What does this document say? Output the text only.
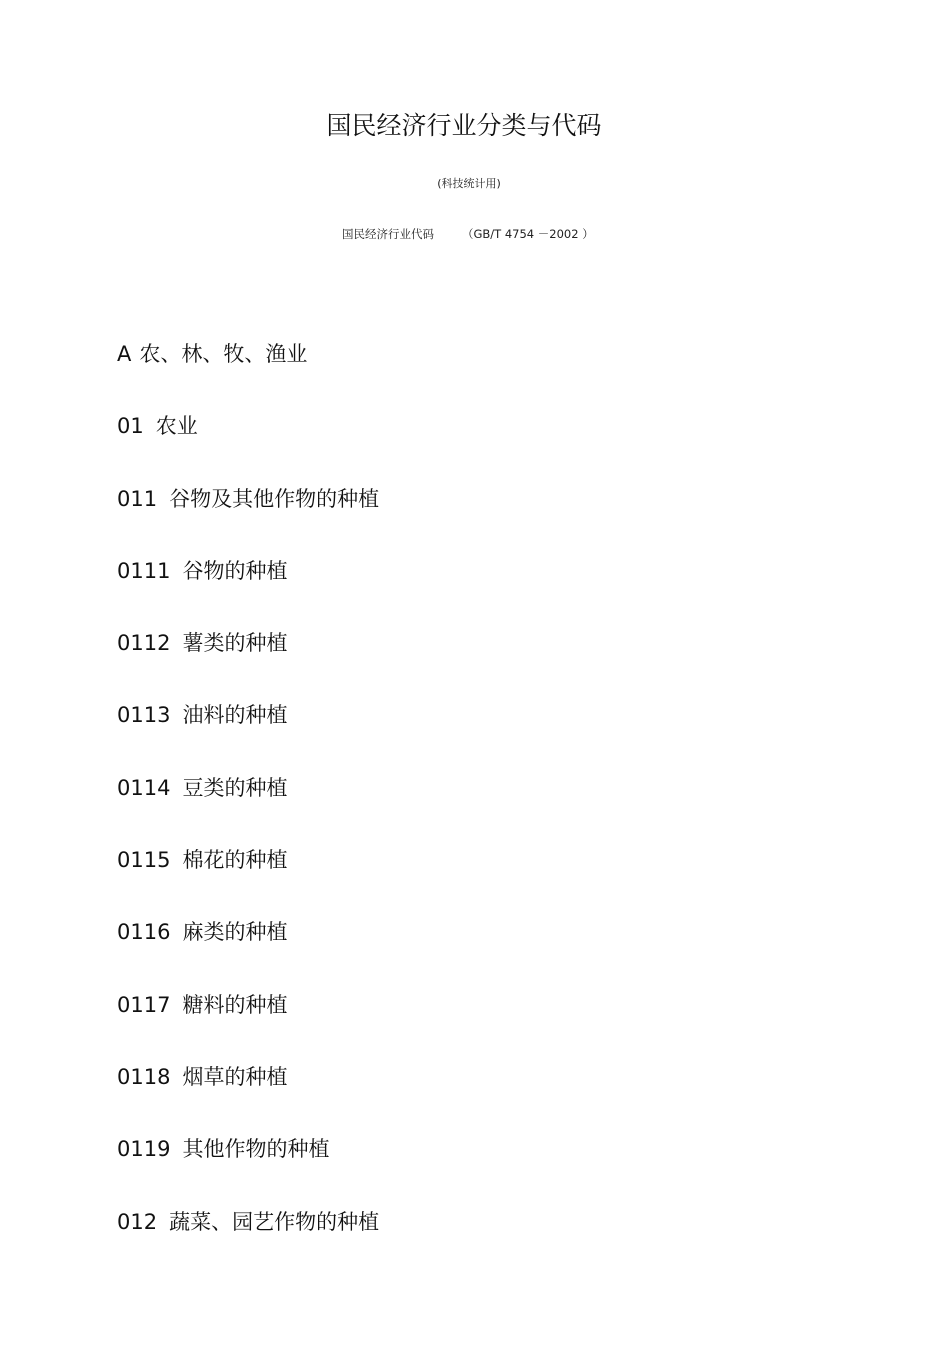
国民经济行业分类与代码
(科技统计用)
国民经济行业代码 （GB/T 4754 －2002 ）
A 农、林、牧、渔业
01 农业
011 谷物及其他作物的种植
0111 谷物的种植
0112 薯类的种植
0113 油料的种植
0114 豆类的种植
0115 棉花的种植
0116 麻类的种植
0117 糖料的种植
0118 烟草的种植
0119 其他作物的种植
012 蔬菜、园艺作物的种植
